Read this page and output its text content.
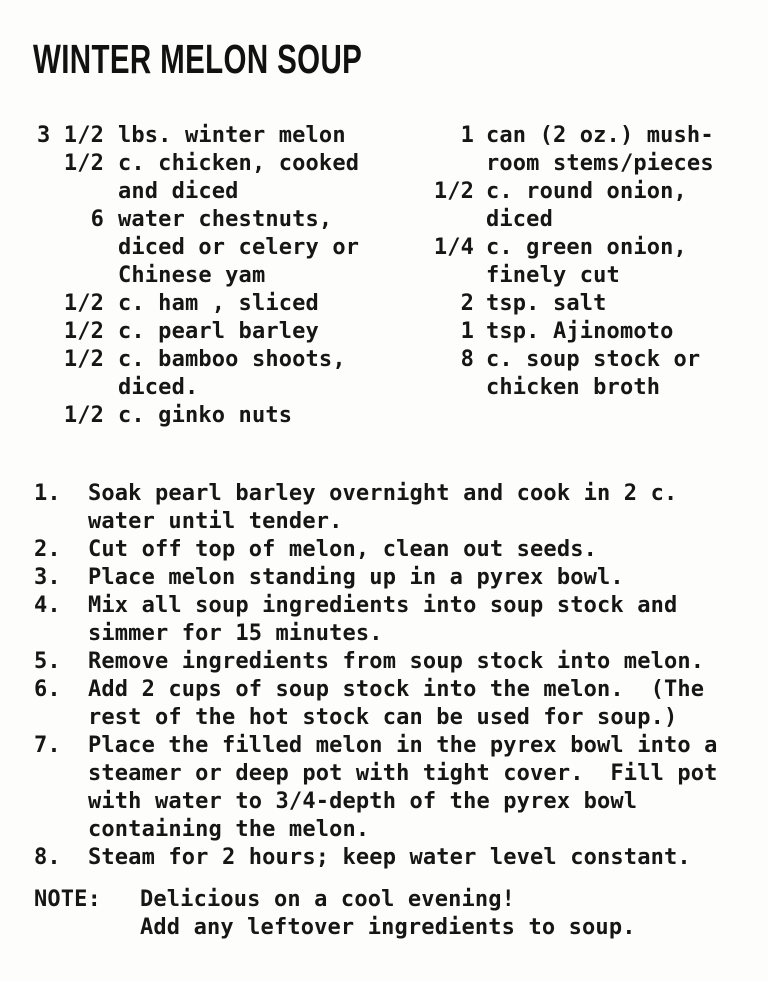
WINTER MELON SOUP
3 1/2 lbs. winter melon
1/2 c. chicken, cooked and diced
6 water chestnuts, diced or celery or Chinese yam
1/2 c. ham , sliced
1/2 c. pearl barley
1/2 c. bamboo shoots, diced.
1/2 c. ginko nuts
1 can (2 oz.) mush- room stems/pieces
1/2 c. round onion, diced
1/4 c. green onion, finely cut
2 tsp. salt
1 tsp. Ajinomoto
8 c. soup stock or chicken broth
1.	Soak pearl barley overnight and cook in 2 c. water until tender.
2.	Cut off top of melon, clean out seeds.
3.	Place melon standing up in a pyrex bowl.
4.	Mix all soup ingredients into soup stock and simmer for 15 minutes.
5.	Remove ingredients from soup stock into melon.
6.	Add 2 cups of soup stock into the melon.  (The rest of the hot stock can be used for soup.)
7.	Place the filled melon in the pyrex bowl into a steamer or deep pot with tight cover.  Fill pot with water to 3/4-depth of the pyrex bowl containing the melon.
8.	Steam for 2 hours; keep water level constant.
NOTE:	Delicious on a cool evening! Add any leftover ingredients to soup.
